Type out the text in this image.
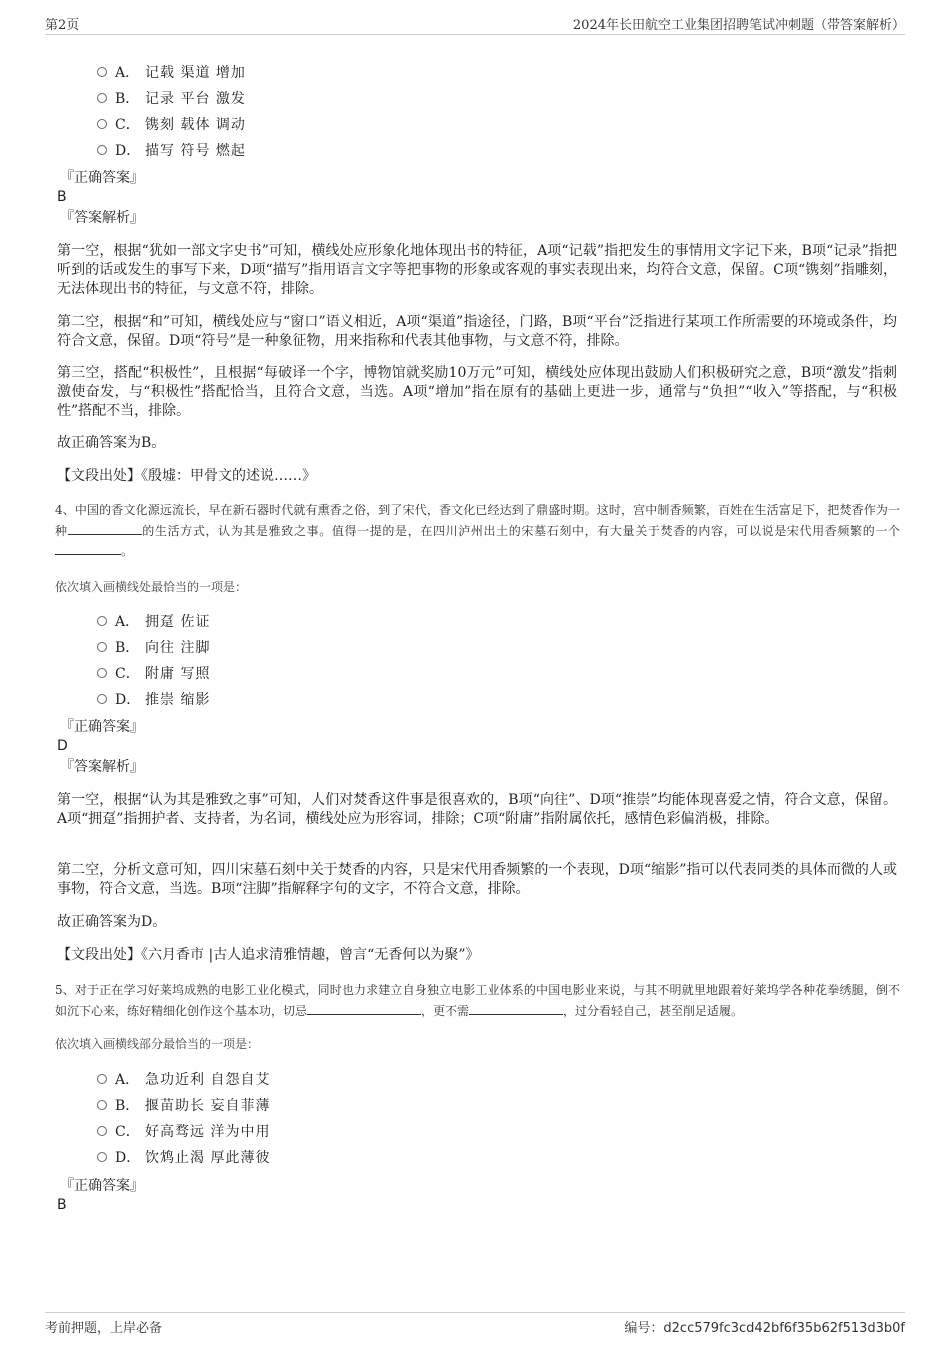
第2页	2024年长田航空工业集团招聘笔试冲刺题（带答案解析）
A． 记载 渠道 增加
B． 记录 平台 激发
C． 镌刻 载体 调动
D． 描写 符号 燃起
『正确答案』
B
『答案解析』
第一空，根据“犹如一部文字史书”可知，横线处应形象化地体现出书的特征，A项“记载”指把发生的事情用文字记下来，B项“记录”指把听到的话或发生的事写下来，D项“描写”指用语言文字等把事物的形象或客观的事实表现出来，均符合文意，保留。C项“镌刻”指雕刻，无法体现出书的特征，与文意不符，排除。
第二空，根据“和”可知，横线处应与“窗口”语义相近，A项“渠道”指途径，门路，B项“平台”泛指进行某项工作所需要的环境或条件，均符合文意，保留。D项“符号”是一种象征物，用来指称和代表其他事物，与文意不符，排除。
第三空，搭配“积极性”，且根据“每破译一个字，博物馆就奖励10万元”可知，横线处应体现出鼓励人们积极研究之意，B项“激发”指刺激使奋发，与“积极性”搭配恰当，且符合文意，当选。A项“增加”指在原有的基础上更进一步，通常与“负担”“收入”等搭配，与“积极性”搭配不当，排除。
故正确答案为B。
【文段出处】《殷墟：甲骨文的述说……》
4、中国的香文化源远流长，早在新石器时代就有熏香之俗，到了宋代，香文化已经达到了鼎盛时期。这时，宫中制香频繁，百姓在生活富足下，把焚香作为一种	的生活方式，认为其是雅致之事。值得一提的是，在四川泸州出土的宋墓石刻中，有大量关于焚香的内容，可以说是宋代用香频繁的一个。
依次填入画横线处最恰当的一项是：
A． 拥趸 佐证
B． 向往 注脚
C． 附庸 写照
D． 推崇 缩影
『正确答案』
D
『答案解析』
第一空，根据“认为其是雅致之事”可知，人们对焚香这件事是很喜欢的，B项“向往”、D项“推崇”均能体现喜爱之情，符合文意，保留。A项“拥趸”指拥护者、支持者，为名词，横线处应为形容词，排除；C项“附庸”指附属依托，感情色彩偏消极，排除。
第二空，分析文意可知，四川宋墓石刻中关于焚香的内容，只是宋代用香频繁的一个表现，D项“缩影”指可以代表同类的具体而微的人或事物，符合文意，当选。B项“注脚”指解释字句的文字，不符合文意，排除。
故正确答案为D。
【文段出处】《六月香市 |古人追求清雅情趣，曾言“无香何以为聚”》
5、对于正在学习好莱坞成熟的电影工业化模式，同时也力求建立自身独立电影工业体系的中国电影业来说，与其不明就里地跟着好莱坞学各种花拳绣腿，倒不如沉下心来，练好精细化创作这个基本功，切忌	，更不需	，过分看轻自己，甚至削足适履。
依次填入画横线部分最恰当的一项是：
A． 急功近利 自怨自艾
B． 揠苗助长 妄自菲薄
C． 好高骛远 洋为中用
D． 饮鸩止渴 厚此薄彼
『正确答案』
B
考前押题，上岸必备	编号：d2cc579fc3cd42bf6f35b62f513d3b0f
